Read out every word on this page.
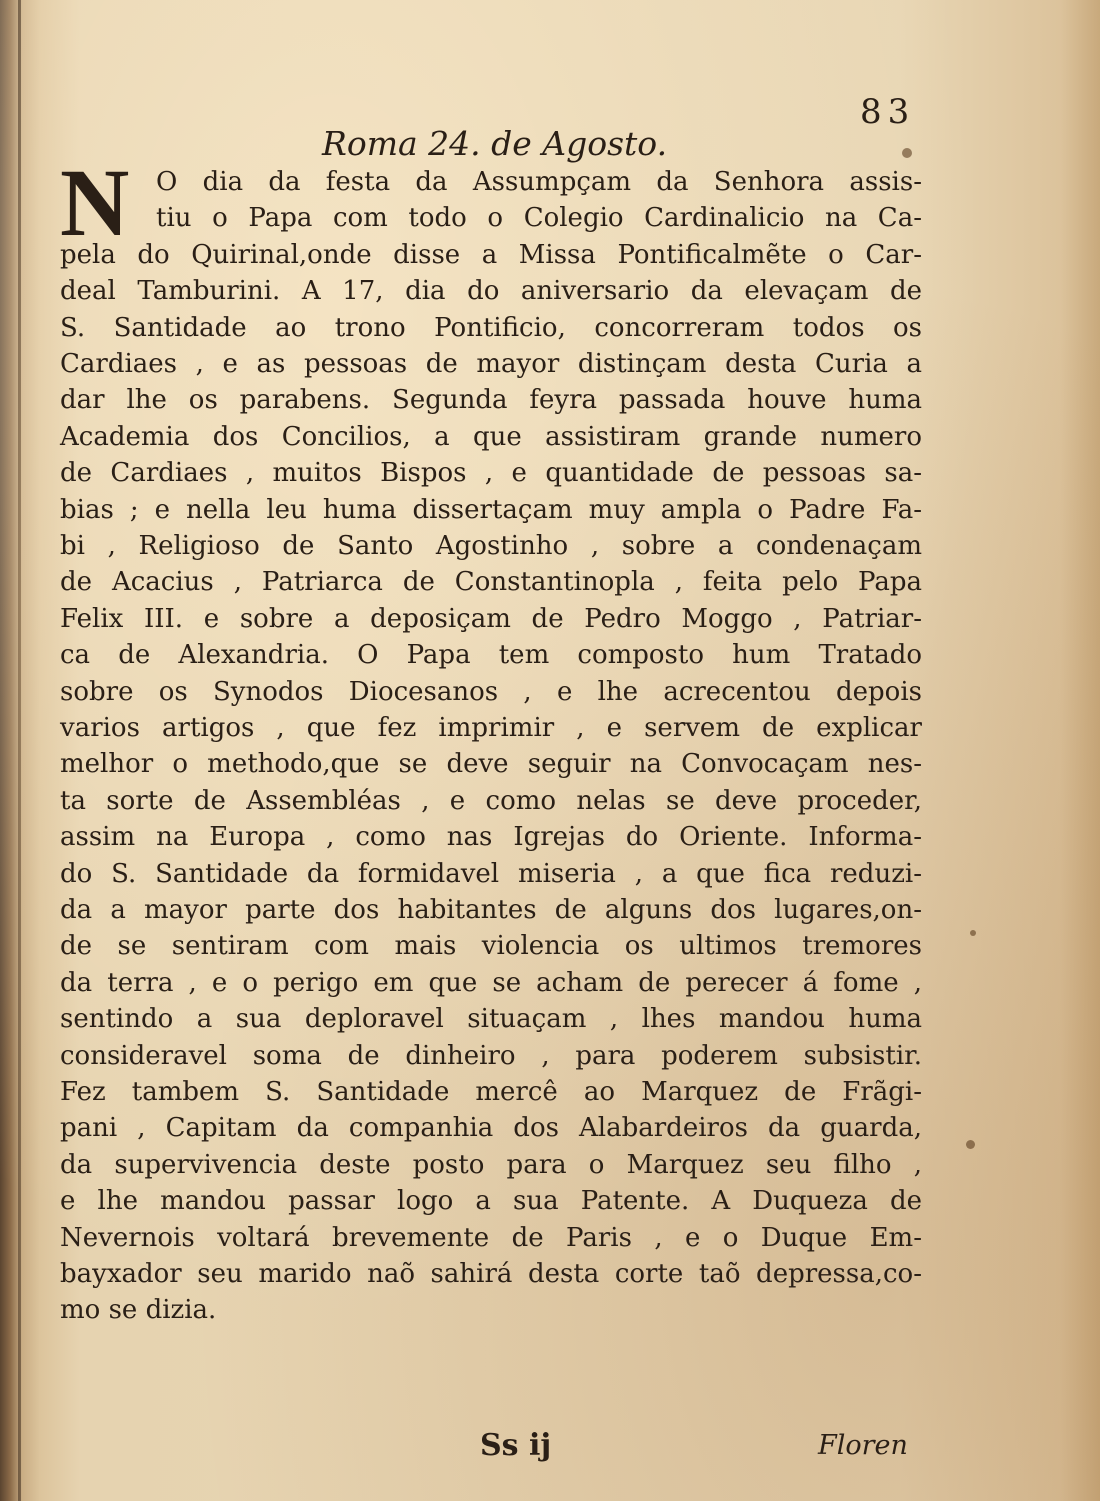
83
Roma 24. de Agosto.
N O dia da festa da Assumpçam da Senhora assis-
tiu o Papa com todo o Colegio Cardinalicio na Ca-
pela do Quirinal,onde disse a Missa Pontificalmẽte o Car-
deal Tamburini. A 17, dia do aniversario da elevaçam de
S. Santidade ao trono Pontificio, concorreram todos os
Cardiaes , e as pessoas de mayor distinçam desta Curia a
dar lhe os parabens. Segunda feyra passada houve huma
Academia dos Concilios, a que assistiram grande numero
de Cardiaes , muitos Bispos , e quantidade de pessoas sa-
bias ; e nella leu huma dissertaçam muy ampla o Padre Fa-
bi , Religioso de Santo Agostinho , sobre a condenaçam
de Acacius , Patriarca de Constantinopla , feita pelo Papa
Felix III. e sobre a deposiçam de Pedro Moggo , Patriar-
ca de Alexandria. O Papa tem composto hum Tratado
sobre os Synodos Diocesanos , e lhe acrecentou depois
varios artigos , que fez imprimir , e servem de explicar
melhor o methodo,que se deve seguir na Convocaçam nes-
ta sorte de Assembléas , e como nelas se deve proceder,
assim na Europa , como nas Igrejas do Oriente. Informa-
do S. Santidade da formidavel miseria , a que fica reduzi-
da a mayor parte dos habitantes de alguns dos lugares,on-
de se sentiram com mais violencia os ultimos tremores
da terra , e o perigo em que se acham de perecer á fome ,
sentindo a sua deploravel situaçam , lhes mandou huma
consideravel soma de dinheiro , para poderem subsistir.
Fez tambem S. Santidade mercê ao Marquez de Frãgi-
pani , Capitam da companhia dos Alabardeiros da guarda,
da supervivencia deste posto para o Marquez seu filho ,
e lhe mandou passar logo a sua Patente. A Duqueza de
Nevernois voltará brevemente de Paris , e o Duque Em-
bayxador seu marido naõ sahirá desta corte taõ depressa,co-
mo se dizia.
Ss ij	Floren
